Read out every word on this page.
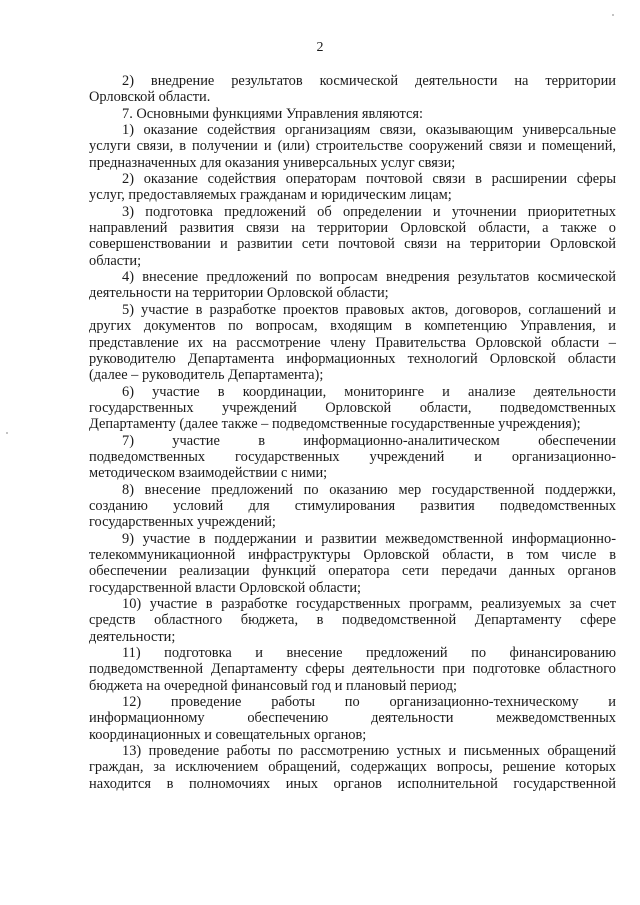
2
2) внедрение результатов космической деятельности на территории
Орловской области.
7. Основными функциями Управления являются:
1) оказание содействия организациям связи, оказывающим универсальные
услуги связи, в получении и (или) строительстве сооружений связи и помещений,
предназначенных для оказания универсальных услуг связи;
2) оказание содействия операторам почтовой связи в расширении сферы
услуг, предоставляемых гражданам и юридическим лицам;
3) подготовка предложений об определении и уточнении приоритетных
направлений развития связи на территории Орловской области, а также о
совершенствовании и развитии сети почтовой связи на территории Орловской
области;
4) внесение предложений по вопросам внедрения результатов космической
деятельности на территории Орловской области;
5) участие в разработке проектов правовых актов, договоров, соглашений и
других документов по вопросам, входящим в компетенцию Управления, и
представление их на рассмотрение члену Правительства Орловской области –
руководителю Департамента информационных технологий Орловской области
(далее – руководитель Департамента);
6) участие в координации, мониторинге и анализе деятельности
государственных учреждений Орловской области, подведомственных
Департаменту (далее также – подведомственные государственные учреждения);
7) участие в информационно-аналитическом обеспечении
подведомственных государственных учреждений и организационно-
методическом взаимодействии с ними;
8) внесение предложений по оказанию мер государственной поддержки,
созданию условий для стимулирования развития подведомственных
государственных учреждений;
9) участие в поддержании и развитии межведомственной информационно-
телекоммуникационной инфраструктуры Орловской области, в том числе в
обеспечении реализации функций оператора сети передачи данных органов
государственной власти Орловской области;
10) участие в разработке государственных программ, реализуемых за счет
средств областного бюджета, в подведомственной Департаменту сфере
деятельности;
11) подготовка и внесение предложений по финансированию
подведомственной Департаменту сферы деятельности при подготовке областного
бюджета на очередной финансовый год и плановый период;
12) проведение работы по организационно-техническому и
информационному обеспечению деятельности межведомственных
координационных и совещательных органов;
13) проведение работы по рассмотрению устных и письменных обращений
граждан, за исключением обращений, содержащих вопросы, решение которых
находится в полномочиях иных органов исполнительной государственной
